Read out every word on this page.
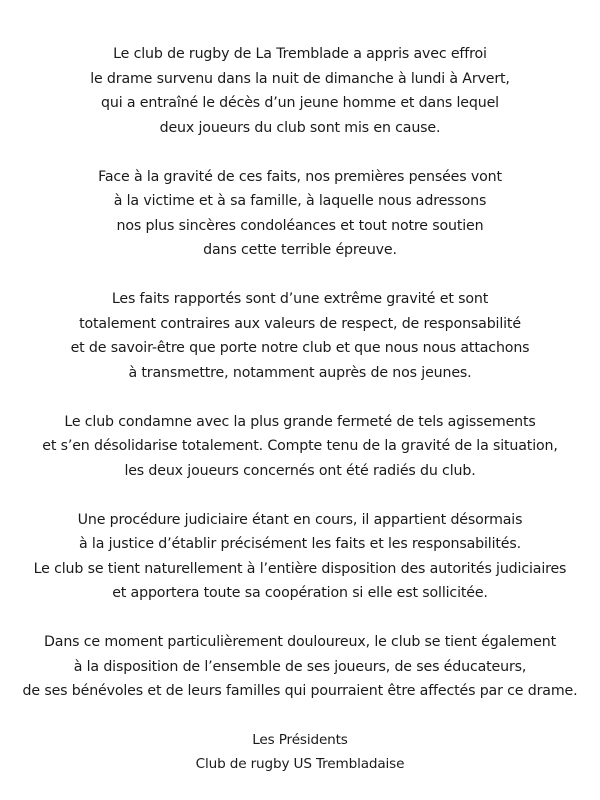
Le club de rugby de La Tremblade a appris avec effroi
le drame survenu dans la nuit de dimanche à lundi à Arvert,
qui a entraîné le décès d’un jeune homme et dans lequel
deux joueurs du club sont mis en cause.
Face à la gravité de ces faits, nos premières pensées vont
à la victime et à sa famille, à laquelle nous adressons
nos plus sincères condoléances et tout notre soutien
dans cette terrible épreuve.
Les faits rapportés sont d’une extrême gravité et sont
totalement contraires aux valeurs de respect, de responsabilité
et de savoir-être que porte notre club et que nous nous attachons
à transmettre, notamment auprès de nos jeunes.
Le club condamne avec la plus grande fermeté de tels agissements
et s’en désolidarise totalement. Compte tenu de la gravité de la situation,
les deux joueurs concernés ont été radiés du club.
Une procédure judiciaire étant en cours, il appartient désormais
à la justice d’établir précisément les faits et les responsabilités.
Le club se tient naturellement à l’entière disposition des autorités judiciaires
et apportera toute sa coopération si elle est sollicitée.
Dans ce moment particulièrement douloureux, le club se tient également
à la disposition de l’ensemble de ses joueurs, de ses éducateurs,
de ses bénévoles et de leurs familles qui pourraient être affectés par ce drame.
Les Présidents
Club de rugby US Trembladaise
